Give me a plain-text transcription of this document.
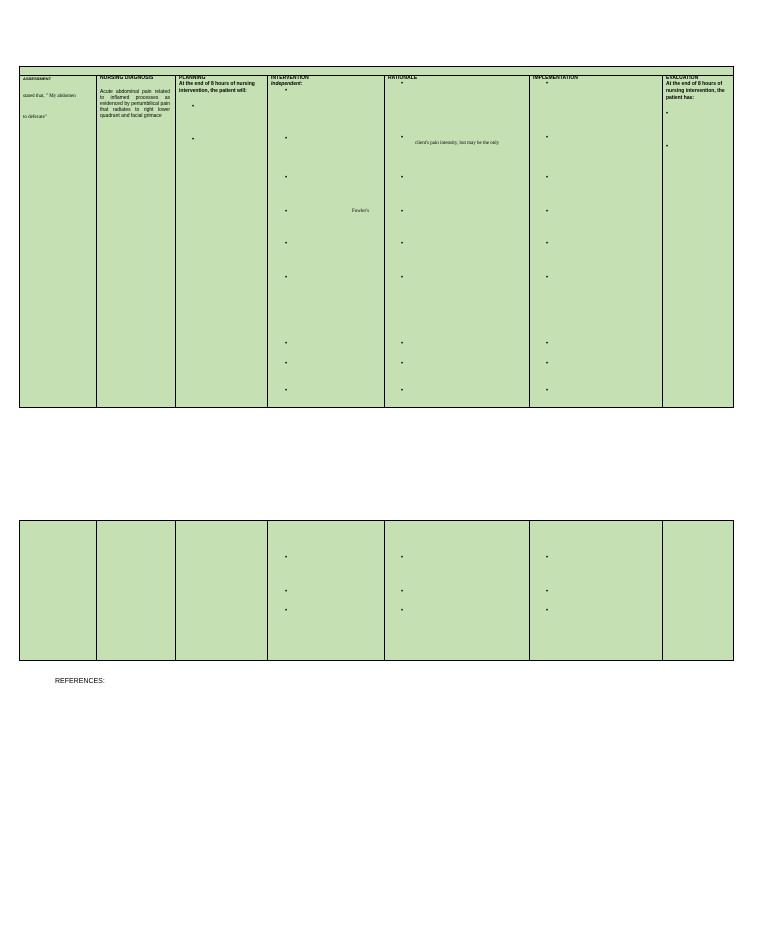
ASSESSMENT
stated that, " My abdomen
to defecate"
NURSING DIAGNOSIS
Acute abdominal pain related to inflamed processes as evidenced by periumbilical pain that radiates to right lower quadrant and facial grimace
PLANNING
At the end of 8 hours of nursing intervention, the patient will:
•
•
INTERVENTION
Independent:
•
•
•
•	Fowler's
•
•
•
•
•
RATIONALE
•
•
client's pain intensity, but may be the only
•
•
•
•
•
•
•
IMPLEMENTATION
•
•
•
•
•
•
•
•
•
EVALUATION
At the end of 8 hours of nursing intervention, the patient has:
•
•
•
•
•
•
•
•
•
•
•
REFERENCES:
